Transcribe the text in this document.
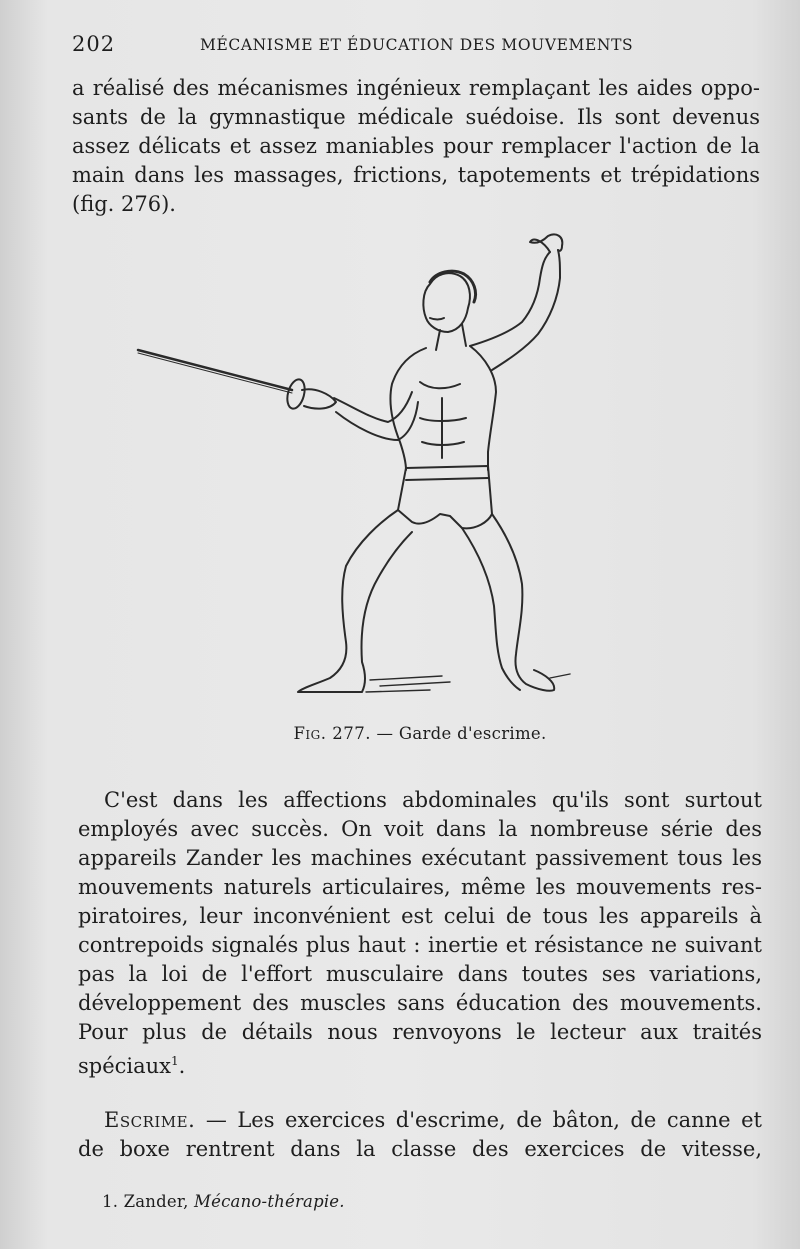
202	MÉCANISME ET ÉDUCATION DES MOUVEMENTS

a réalisé des mécanismes ingénieux remplaçant les aides oppo-
sants de la gymnastique médicale suédoise. Ils sont devenus
assez délicats et assez maniables pour remplacer l'action de la
main dans les massages, frictions, tapotements et trépidations
(fig. 276).

Fig. 277. — Garde d'escrime.

C'est dans les affections abdominales qu'ils sont surtout
employés avec succès. On voit dans la nombreuse série des
appareils Zander les machines exécutant passivement tous les
mouvements naturels articulaires, même les mouvements res-
piratoires, leur inconvénient est celui de tous les appareils à
contrepoids signalés plus haut : inertie et résistance ne suivant
pas la loi de l'effort musculaire dans toutes ses variations,
développement des muscles sans éducation des mouvements.
Pour plus de détails nous renvoyons le lecteur aux traités
spéciaux$^1$.

Escrime. — Les exercices d'escrime, de bâton, de canne et
de boxe rentrent dans la classe des exercices de vitesse,

1. Zander, Mécano-thérapie.
